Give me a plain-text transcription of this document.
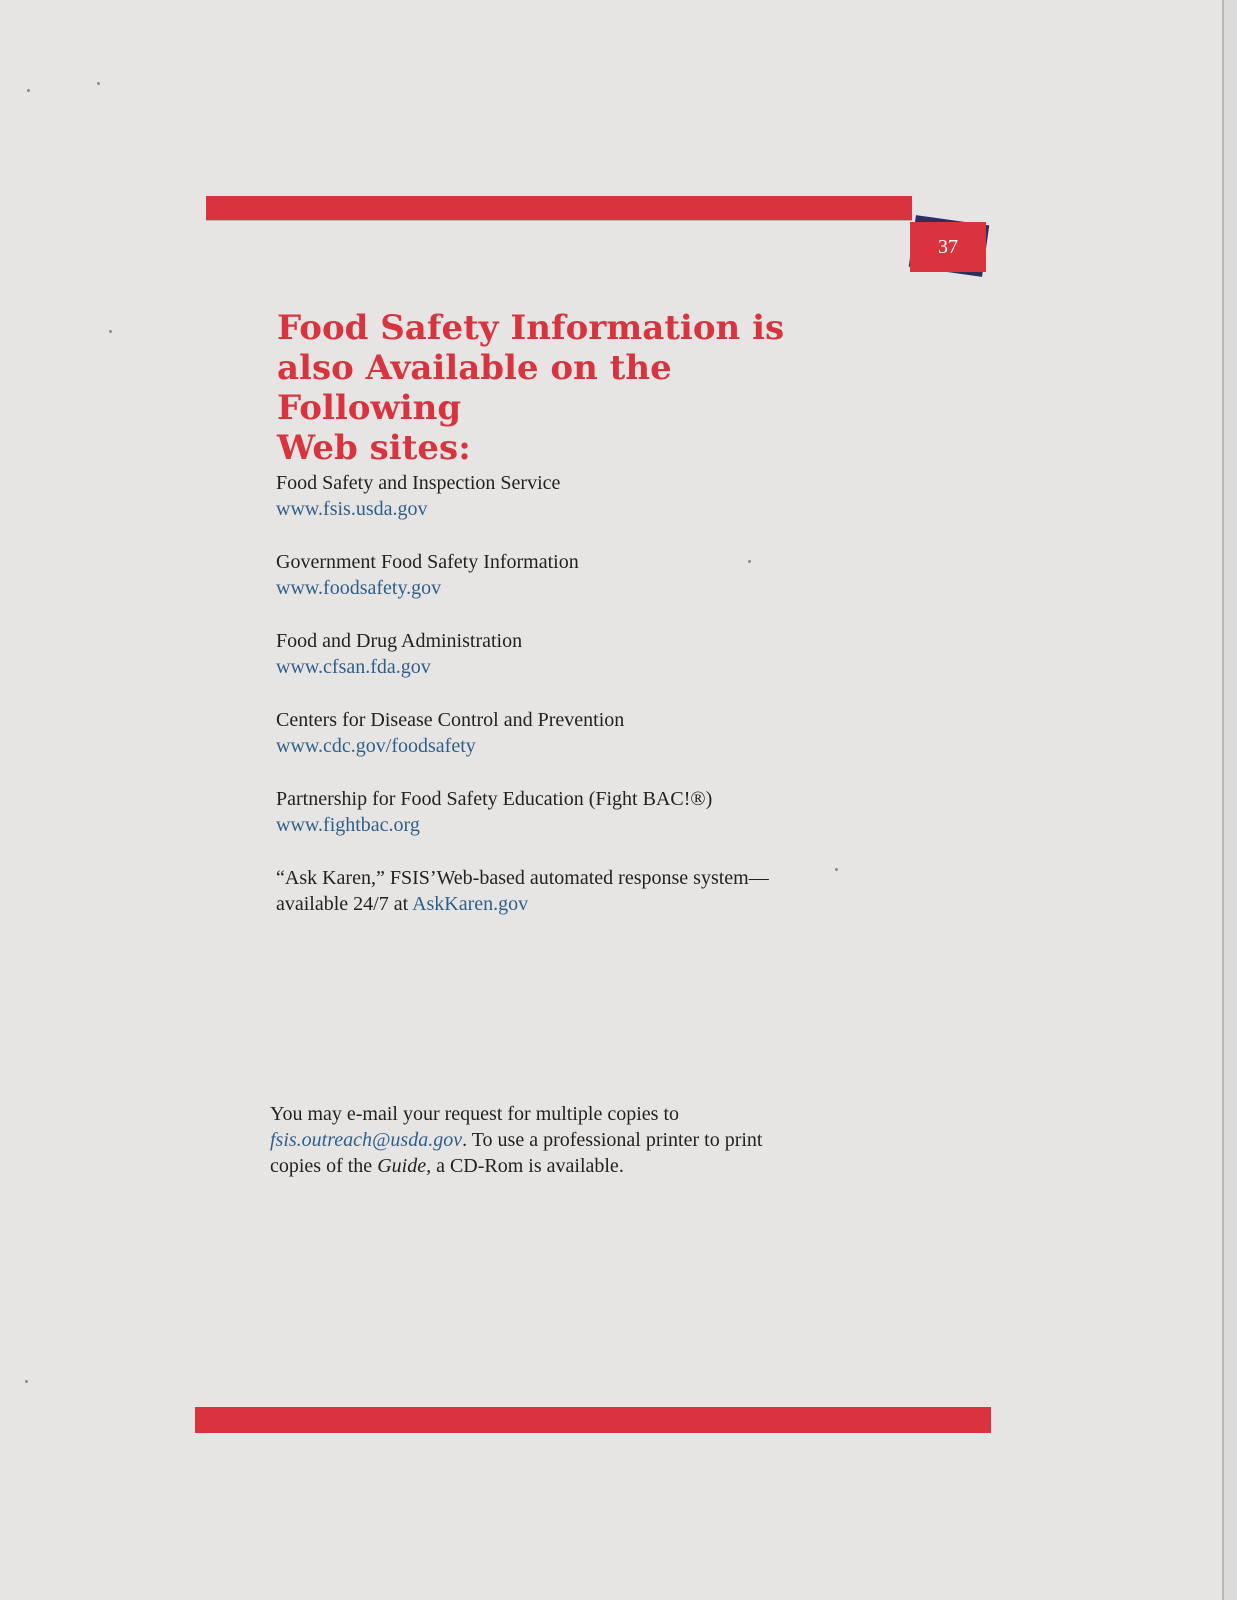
37
Food Safety Information is
also Available on the Following
Web sites:
Food Safety and Inspection Service
www.fsis.usda.gov
Government Food Safety Information
www.foodsafety.gov
Food and Drug Administration
www.cfsan.fda.gov
Centers for Disease Control and Prevention
www.cdc.gov/foodsafety
Partnership for Food Safety Education (Fight BAC!®)
www.fightbac.org
“Ask Karen,” FSIS’Web-based automated response system—
available 24/7 at AskKaren.gov
You may e-mail your request for multiple copies to
fsis.outreach@usda.gov. To use a professional printer to print
copies of the Guide, a CD-Rom is available.
